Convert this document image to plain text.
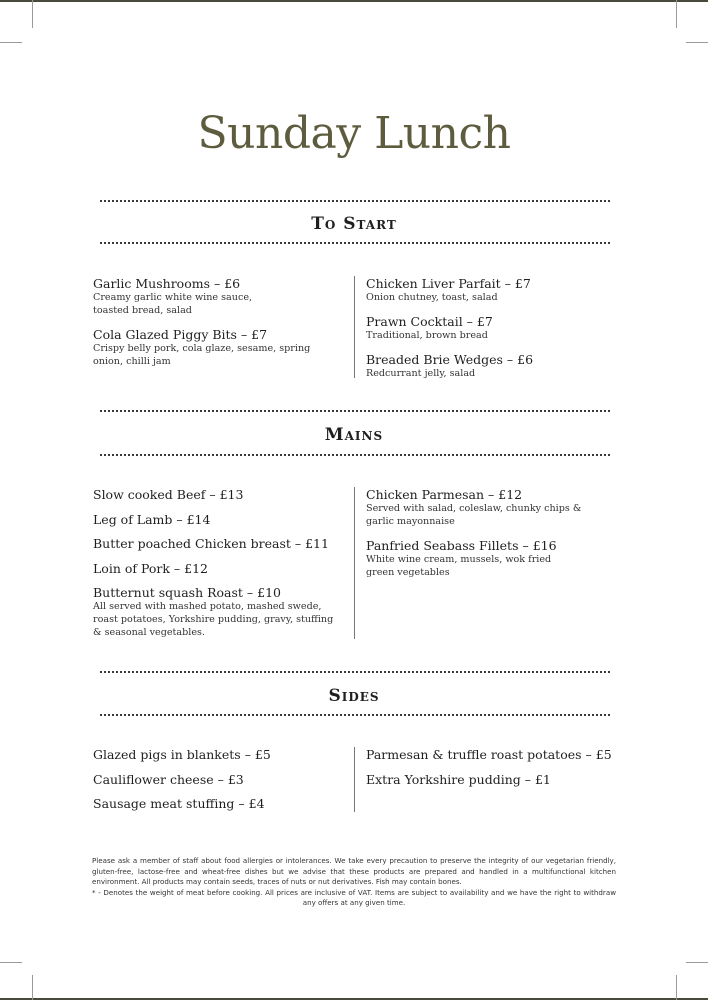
Sunday Lunch
To Start
Garlic Mushrooms – £6
Creamy garlic white wine sauce, toasted bread, salad
Cola Glazed Piggy Bits – £7
Crispy belly pork, cola glaze, sesame, spring onion, chilli jam
Chicken Liver Parfait – £7
Onion chutney, toast, salad
Prawn Cocktail – £7
Traditional, brown bread
Breaded Brie Wedges – £6
Redcurrant jelly, salad
Mains
Slow cooked Beef – £13
Leg of Lamb – £14
Butter poached Chicken breast – £11
Loin of Pork – £12
Butternut squash Roast – £10
All served with mashed potato, mashed swede, roast potatoes, Yorkshire pudding, gravy, stuffing & seasonal vegetables.
Chicken Parmesan – £12
Served with salad, coleslaw, chunky chips & garlic mayonnaise
Panfried Seabass Fillets – £16
White wine cream, mussels, wok fried green vegetables
Sides
Glazed pigs in blankets – £5
Cauliflower cheese – £3
Sausage meat stuffing – £4
Parmesan & truffle roast potatoes – £5
Extra Yorkshire pudding – £1
Please ask a member of staff about food allergies or intolerances. We take every precaution to preserve the integrity of our vegetarian friendly, gluten-free, lactose-free and wheat-free dishes but we advise that these products are prepared and handled in a multifunctional kitchen environment. All products may contain seeds, traces of nuts or nut derivatives. Fish may contain bones.
* - Denotes the weight of meat before cooking. All prices are inclusive of VAT. Items are subject to availability and we have the right to withdraw any offers at any given time.
